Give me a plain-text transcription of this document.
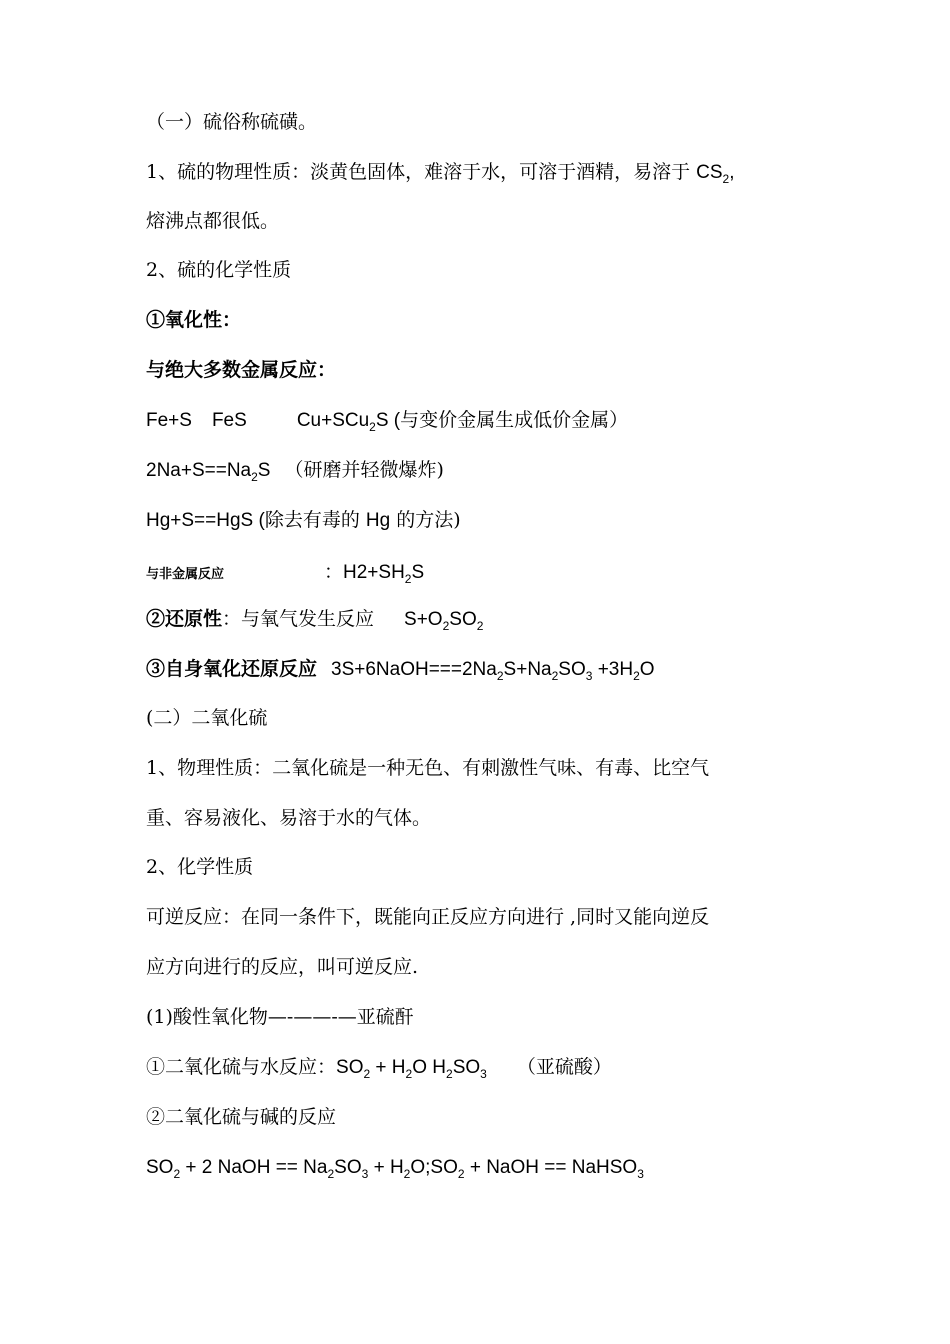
（一）硫俗称硫磺。
1、硫的物理性质：淡黄色固体，难溶于水，可溶于酒精，易溶于 $CS_2$,
熔沸点都很低。
2、硫的化学性质
①氧化性：
与绝大多数金属反应：
Fe+S FeS	Cu+SCu$_2$S (与变价金属生成低价金属）
$2Na+S==Na_2S$ （研磨并轻微爆炸)
Hg+S==HgS (除去有毒的 Hg 的方法)
与非金属反应	：$H2+SH_2S$
②还原性：与氧气发生反应 $S+O_2SO_2$
③自身氧化还原反应 $3S+6NaOH===2Na_2S+Na_2SO_3 +3H_2O$
(二）二氧化硫
1、物理性质：二氧化硫是一种无色、有刺激性气味、有毒、比空气
重、容易液化、易溶于水的气体。
2、化学性质
可逆反应：在同一条件下，既能向正反应方向进行 ,同时又能向逆反
应方向进行的反应，叫可逆反应.
(1)酸性氧化物—-——-—亚硫酐
①二氧化硫与水反应：$SO_2 + H_2O$ $H_2SO_3$ （亚硫酸）
②二氧化硫与碱的反应
$SO_2 + 2$ NaOH == $Na_2SO_3$ + $H_2O;SO_2$ + NaOH == NaHSO$_3$
